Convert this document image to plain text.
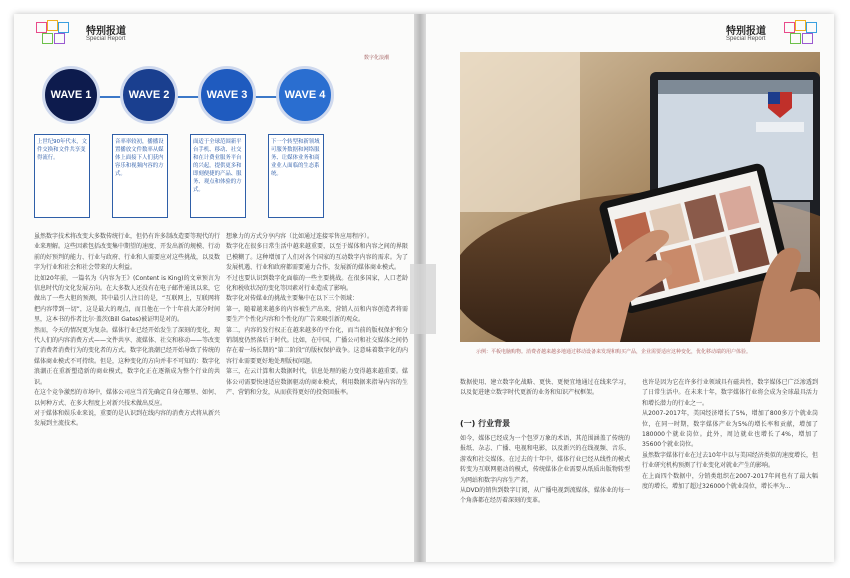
特别报道
Special Report
数字化浪潮
WAVE 1	WAVE 2	WAVE 3	WAVE 4
上世纪90年代末，文件交换和文件共享变得流行。
音率率较初，播播设置播放文件数率从媒体上面接下人们获内容乐和视频内容的方式。
面适于全球范围新平台手机、移动、社交和在计费业服务平台的兴起，提供更多和即刻便捷的产品、服务、观点和体验的方式。
下一个转型和新领域可服务数据和网络服务、让媒体业务和商业业人面临的生态系统。
虽然数字技术将改变大多数传统行业，但仍有许多制改造要等现代的行业来理解。这些因素包括改变集中期望的速度、开发出新的规模、行动前的好预判的能力、行业与政府、行业和人需要应对这些挑战，以及数字为行业和社会和社会带来的大利益。
比如20年前，一篇名为《内容为王》(Content is King)的文章预言为信息时代的文化发展方向。在大多数人还没有在电子邮件通讯以来，它做出了一些大胆的预测，其中最引人注目的是，“互联网上，互联网将把内容带到一切”，这是最大的观点，而且他在一个十年前大部分时间里，这本书的作者比尔·盖茨(Bill Gates)被证明是对的。
然而，今天的情况更为复杂。媒体行业已经开始发生了深刻的变化，现代人们的内容消费方式——文件共享、流媒体、社交和移动——等改变了消费者消费行为的变化者的方式。数字化浪潮已经开始导致了传统的媒体商业模式不可持续。但是，这种变化的方向并非不可知的：数字化浪潮正在重新塑造新的商业模式，数字化正在逐渐成为整个行业的共识。
在这个竞争激烈的市场中，媒体公司应当首先确定自身在哪里、如何、以何种方式、在多大程度上对新兴技术做出反应。
对于媒体和娱乐业来说，重要的是认识到在线内容的消费方式将从新兴发展到主流技术。
想象力的方式分享内容（比如通过连接零售应用程序）。
数字化在很多日常生活中越来越重要，以至于媒体和内容之间的界限已模糊了。这种增加了人们对各个国家的互动数字内容的需求。为了发展机遇、行业和政府都需要通力合作，发展新的媒体商业模式。
不过也要认识到数字化面临的一些主要挑战。在很多国家，人口老龄化和税收状况的变化等因素对行业造成了影响。
数字化对传媒业的挑战主要集中在以下三个领域：
第一，随着越来越多的内容被生产出来，营销人员和内容创造者将需要生产个性化内容和个性化的广告来吸引新的观众。
第二，内容的发行权正在越来越多的平台化，而当前的版权保护和分销制度仍然落后于时代。比如，在中国，广播公司和社交媒体之间仍存在着一场长期的“第二阶段”的版权保护战争。这意味着数字化的内容行业需要更好地处理版权问题。
第三，在云计算和大数据时代，信息处理的能力变得越来越重要。媒体公司需要快速适应数据驱动的商业模式，利用数据来指导内容的生产、营销和分发，从而获得更好的投资回报率。
特别报道
Special Report
示例：平板电脑购物。消费者越来越多地通过移动设备来发现和购买产品，企业需要适应这种变化，优化移动端的用户体验。
数据使用、建立数字化战略、更快、更便宜地通过在线来学习，以及促进建立数字时代更新的业务和知识产权框架。
(一) 行业背景
如今，媒体已经成为一个包罗万象的术语，其范围涵盖了传统的报纸、杂志、广播、电视和电影，以及新兴的在线视频、音乐、游戏和社交媒体。在过去的十年中，媒体行业已经从线性的模式转变为互联网驱动的模式，传统媒体企业需要从纸质出版物转型为网站和数字内容生产者。
从DVD的销售到数字订阅，从广播电视到流媒体，媒体业的每一个角落都在经历着深刻的变革。
也许是因为它在许多行业领域具有磁共性，数字媒体已广泛渗透到了日常生活中。在未来十年，数字媒体行业将会成为全球最具活力和增长潜力的行业之一。
从2007-2017年，美国经济增长了5%，增加了800多万个就业岗位，在同一时期，数字媒体产业为5%的增长率和贡献，增加了180000个就业岗位。此外，周边就业也增长了4%，增加了35600个就业岗位。
虽然数字媒体行业在过去10年中以与美国经济类似的速度增长，但行业研究机构预测了行业变化对就业产生的影响。
在上面四个数据中，分销类组织在2007-2017年间也有了最大幅度的增长，增加了超过326000个就业岗位，增长率为...
